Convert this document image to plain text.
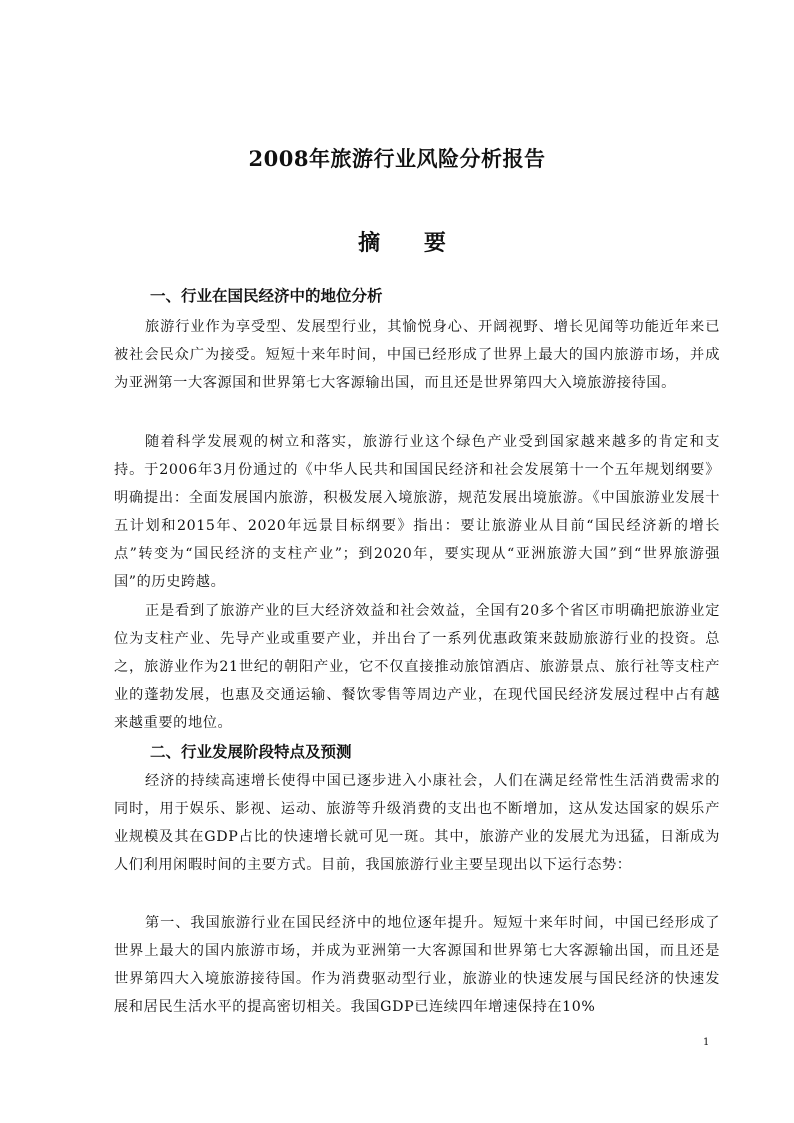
2008年旅游行业风险分析报告
摘 要
一、行业在国民经济中的地位分析

旅游行业作为享受型、发展型行业，其愉悦身心、开阔视野、增长见闻等功能近年来已被社会民众广为接受。短短十来年时间，中国已经形成了世界上最大的国内旅游市场，并成为亚洲第一大客源国和世界第七大客源输出国，而且还是世界第四大入境旅游接待国。

随着科学发展观的树立和落实，旅游行业这个绿色产业受到国家越来越多的肯定和支持。于2006年3月份通过的《中华人民共和国国民经济和社会发展第十一个五年规划纲要》明确提出：全面发展国内旅游，积极发展入境旅游，规范发展出境旅游。《中国旅游业发展十五计划和2015年、2020年远景目标纲要》指出：要让旅游业从目前“国民经济新的增长点”转变为“国民经济的支柱产业”；到2020年，要实现从“亚洲旅游大国”到“世界旅游强国”的历史跨越。

正是看到了旅游产业的巨大经济效益和社会效益，全国有20多个省区市明确把旅游业定位为支柱产业、先导产业或重要产业，并出台了一系列优惠政策来鼓励旅游行业的投资。总之，旅游业作为21世纪的朝阳产业，它不仅直接推动旅馆酒店、旅游景点、旅行社等支柱产业的蓬勃发展，也惠及交通运输、餐饮零售等周边产业，在现代国民经济发展过程中占有越来越重要的地位。

二、行业发展阶段特点及预测

经济的持续高速增长使得中国已逐步进入小康社会，人们在满足经常性生活消费需求的同时，用于娱乐、影视、运动、旅游等升级消费的支出也不断增加，这从发达国家的娱乐产业规模及其在GDP占比的快速增长就可见一斑。其中，旅游产业的发展尤为迅猛，日渐成为人们利用闲暇时间的主要方式。目前，我国旅游行业主要呈现出以下运行态势：

第一、我国旅游行业在国民经济中的地位逐年提升。短短十来年时间，中国已经形成了世界上最大的国内旅游市场，并成为亚洲第一大客源国和世界第七大客源输出国，而且还是世界第四大入境旅游接待国。作为消费驱动型行业，旅游业的快速发展与国民经济的快速发展和居民生活水平的提高密切相关。我国GDP已连续四年增速保持在10%

1
